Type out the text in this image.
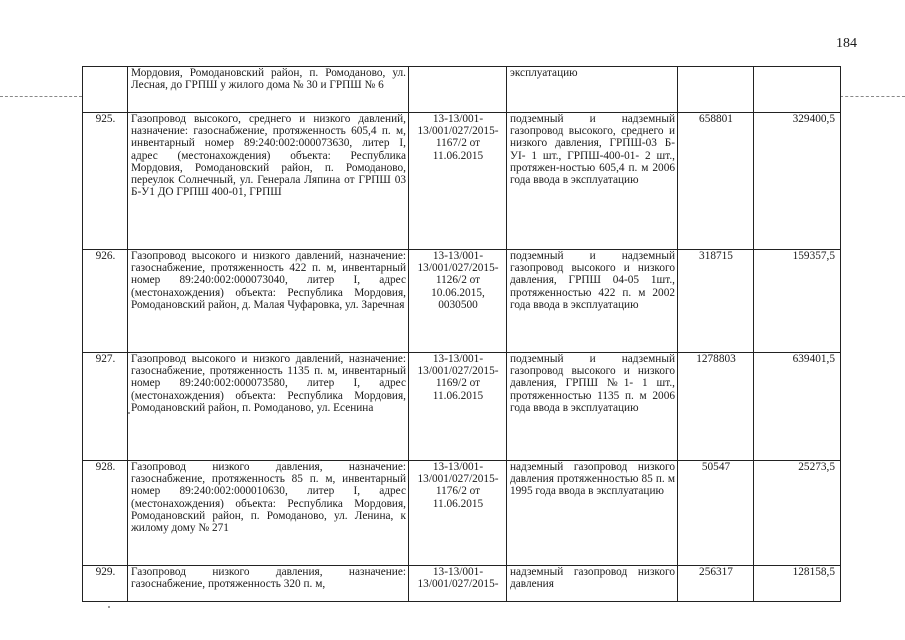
184
	Мордовия, Ромодановский район, п. Ромоданово, ул. Лесная, до ГРПШ у жилого дома № 30 и ГРПШ № 6		эксплуатацию		
925.	Газопровод высокого, среднего и низкого давлений, назначение: газоснабжение, протяженность 605,4 п. м, инвентарный номер 89:240:002:000073630, литер I, адрес (местонахождения) объекта: Республика Мордовия, Ромодановский район, п. Ромоданово, переулок Солнечный, ул. Генерала Ляпина от ГРПШ 03 Б-У1 ДО ГРПШ 400-01, ГРПШ	13-13/001-13/001/027/2015-1167/2 от 11.06.2015	подземный и надземный газопровод высокого, среднего и низкого давления, ГРПШ-03 Б-УI- 1 шт., ГРПШ-400-01- 2 шт., протяжен-ностью 605,4 п. м 2006 года ввода в эксплуатацию	658801	329400,5
926.	Газопровод высокого и низкого давлений, назначение: газоснабжение, протяженность 422 п. м, инвентарный номер 89:240:002:000073040, литер I, адрес (местонахождения) объекта: Республика Мордовия, Ромодановский район, д. Малая Чуфаровка, ул. Заречная	13-13/001-13/001/027/2015-1126/2 от 10.06.2015, 0030500	подземный и надземный газопровод высокого и низкого давления, ГРПШ 04-05 1шт., протяженностью 422 п. м 2002 года ввода в эксплуатацию	318715	159357,5
927.	Газопровод высокого и низкого давлений, назначение: газоснабжение, протяженность 1135 п. м, инвентарный номер 89:240:002:000073580, литер I, адрес (местонахождения) объекта: Республика Мордовия, Ромодановский район, п. Ромоданово, ул. Есенина	13-13/001-13/001/027/2015-1169/2 от 11.06.2015	подземный и надземный газопровод высокого и низкого давления, ГРПШ №1- 1 шт., протяженностью 1135 п. м 2006 года ввода в эксплуатацию	1278803	639401,5
928.	Газопровод низкого давления, назначение: газоснабжение, протяженность 85 п. м, инвентарный номер 89:240:002:000010630, литер I, адрес (местонахождения) объекта: Республика Мордовия, Ромодановский район, п. Ромоданово, ул. Ленина, к жилому дому № 271	13-13/001-13/001/027/2015-1176/2 от 11.06.2015	надземный газопровод низкого давления протяженностью 85 п. м 1995 года ввода в эксплуатацию	50547	25273,5
929.	Газопровод низкого давления, назначение: газоснабжение, протяженность 320 п. м,	13-13/001-13/001/027/2015-	надземный газопровод низкого давления	256317	128158,5
